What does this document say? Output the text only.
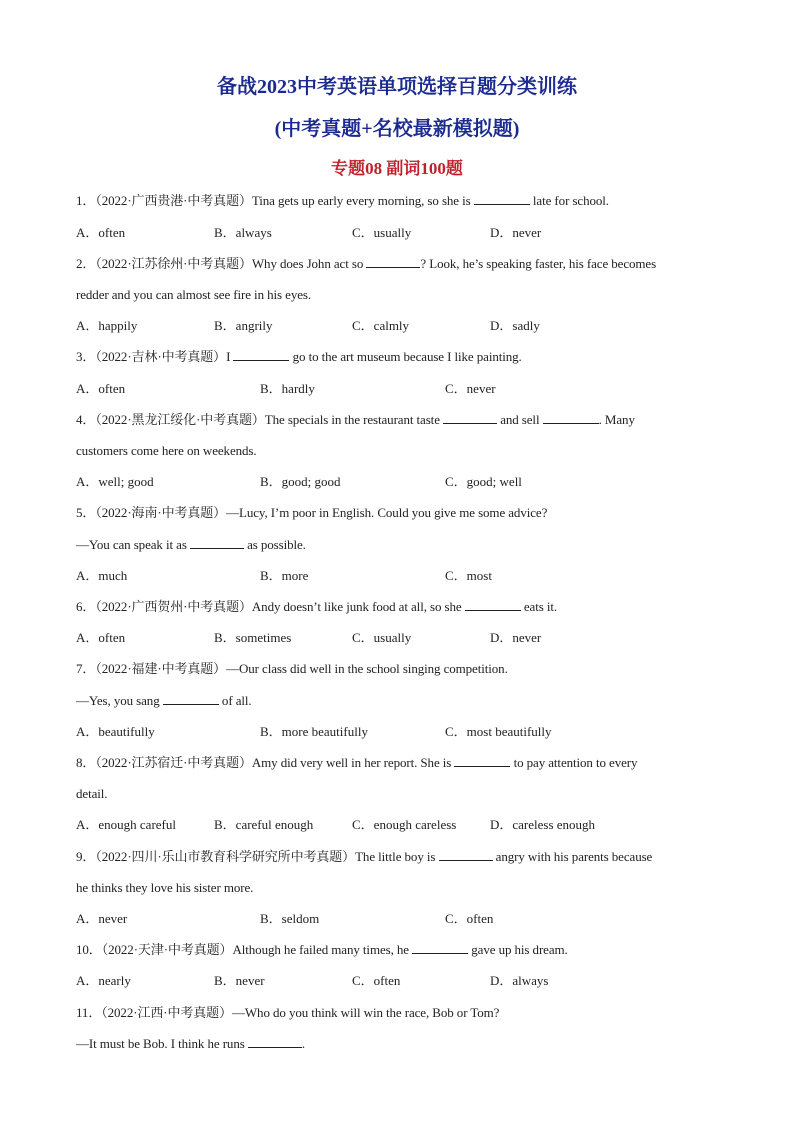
备战2023中考英语单项选择百题分类训练
(中考真题+名校最新模拟题)
专题08 副词100题
1．（2022·广西贵港·中考真题）Tina gets up early every morning, so she is	late for school.
A．often	B．always	C．usually	D．never
2．（2022·江苏徐州·中考真题）Why does John act so	? Look, he’s speaking faster, his face becomes
redder and you can almost see fire in his eyes.
A．happily	B．angrily	C．calmly	D．sadly
3．（2022·吉林·中考真题）I	go to the art museum because I like painting.
A．often	B．hardly	C．never
4．（2022·黑龙江绥化·中考真题）The specials in the restaurant taste	and sell	. Many
customers come here on weekends.
A．well; good	B．good; good	C．good; well
5．（2022·海南·中考真题）—Lucy, I’m poor in English. Could you give me some advice?
—You can speak it as	as possible.
A．much	B．more	C．most
6．（2022·广西贺州·中考真题）Andy doesn’t like junk food at all, so she	eats it.
A．often	B．sometimes	C．usually	D．never
7．（2022·福建·中考真题）—Our class did well in the school singing competition.
—Yes, you sang	of all.
A．beautifully	B．more beautifully	C．most beautifully
8．（2022·江苏宿迁·中考真题）Amy did very well in her report. She is	to pay attention to every
detail.
A．enough careful	B．careful enough	C．enough careless	D．careless enough
9．（2022·四川·乐山市教育科学研究所中考真题）The little boy is	angry with his parents because
he thinks they love his sister more.
A．never	B．seldom	C．often
10．（2022·天津·中考真题）Although he failed many times, he	gave up his dream.
A．nearly	B．never	C．often	D．always
11．（2022·江西·中考真题）—Who do you think will win the race, Bob or Tom?
—It must be Bob. I think he runs	.
